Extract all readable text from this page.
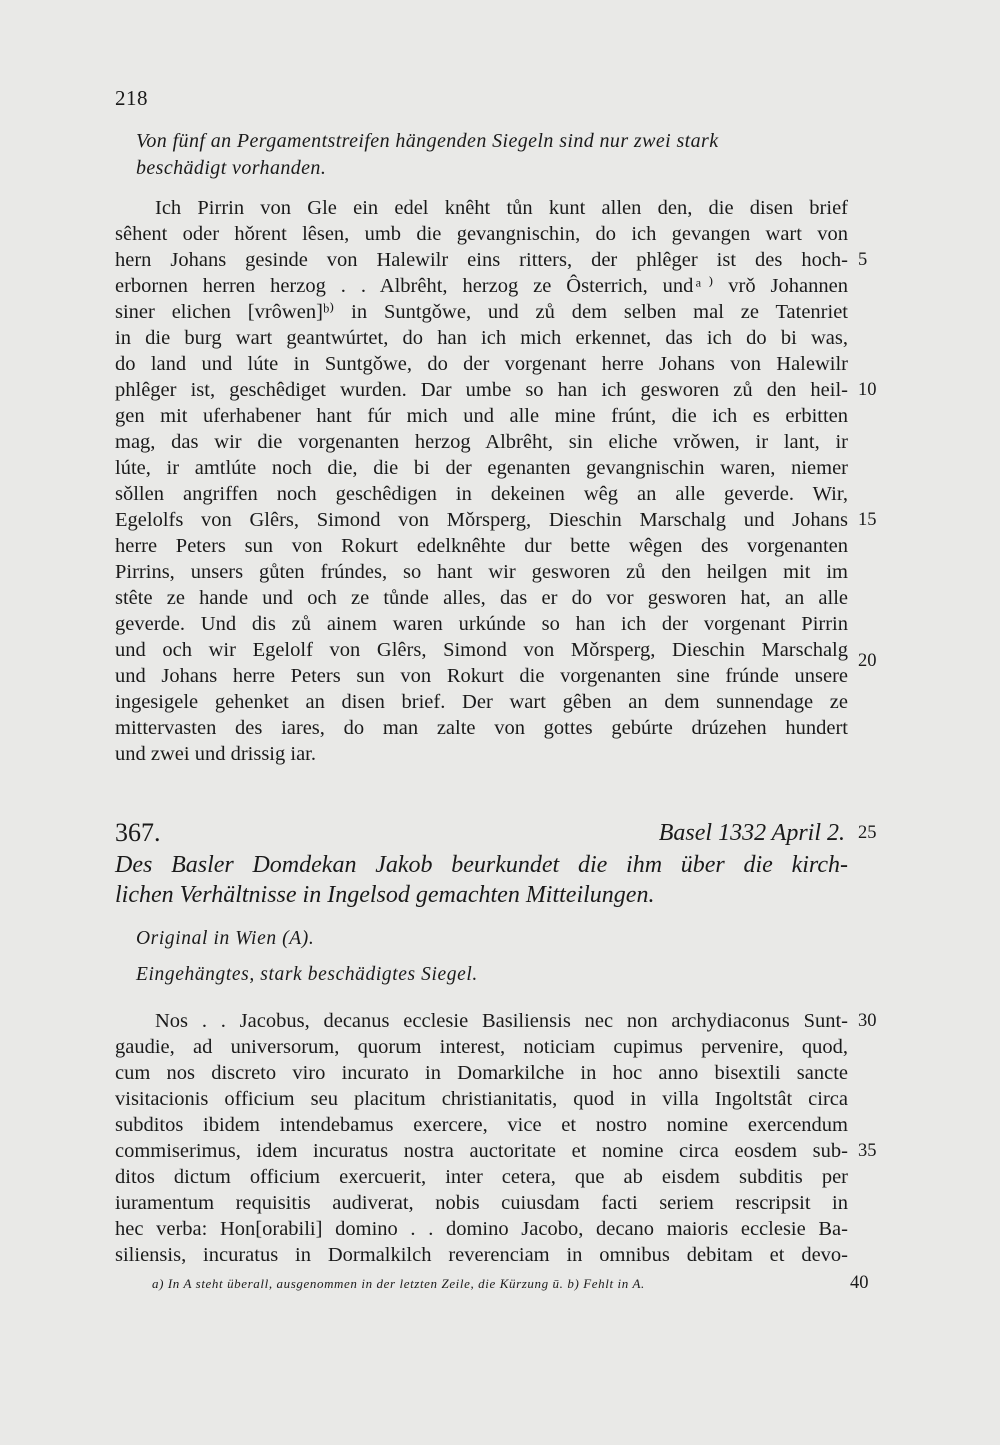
218
Von fünf an Pergamentstreifen hängenden Siegeln sind nur zwei stark
beschädigt vorhanden.
Ich Pirrin von Gle ein edel knêht tůn kunt allen den, die disen brief
sêhent oder hǒrent lêsen, umb die gevangnischin, do ich gevangen wart von
hern Johans gesinde von Halewilr eins ritters, der phlêger ist des hoch-
erbornen herren herzog . . Albrêht, herzog ze Ôsterrich, und ͣ⁾ vrǒ Johannen
siner elichen [vrôwen]ᵇ⁾ in Suntgǒwe, und zů dem selben mal ze Tatenriet
in die burg wart geantwúrtet, do han ich mich erkennet, das ich do bi was,
do land und lúte in Suntgǒwe, do der vorgenant herre Johans von Halewilr
phlêger ist, geschêdiget wurden. Dar umbe so han ich gesworen zů den heil-
gen mit uferhabener hant fúr mich und alle mine frúnt, die ich es erbitten
mag, das wir die vorgenanten herzog Albrêht, sin eliche vrǒwen, ir lant, ir
lúte, ir amtlúte noch die, die bi der egenanten gevangnischin waren, niemer
sǒllen angriffen noch geschêdigen in dekeinen wêg an alle geverde. Wir,
Egelolfs von Glêrs, Simond von Mǒrsperg, Dieschin Marschalg und Johans
herre Peters sun von Rokurt edelknêhte dur bette wêgen des vorgenanten
Pirrins, unsers gůten frúndes, so hant wir gesworen zů den heilgen mit im
stête ze hande und och ze tůnde alles, das er do vor gesworen hat, an alle
geverde. Und dis zů ainem waren urkúnde so han ich der vorgenant Pirrin
und och wir Egelolf von Glêrs, Simond von Mǒrsperg, Dieschin Marschalg
und Johans herre Peters sun von Rokurt die vorgenanten sine frúnde unsere
ingesigele gehenket an disen brief. Der wart gêben an dem sunnendage ze
mittervasten des iares, do man zalte von gottes gebúrte drúzehen hundert
und zwei und drissig iar.
367.	Basel 1332 April 2.
Des Basler Domdekan Jakob beurkundet die ihm über die kirch-
lichen Verhältnisse in Ingelsod gemachten Mitteilungen.
Original in Wien (A).
Eingehängtes, stark beschädigtes Siegel.
Nos . . Jacobus, decanus ecclesie Basiliensis nec non archydiaconus Sunt-
gaudie, ad universorum, quorum interest, noticiam cupimus pervenire, quod,
cum nos discreto viro incurato in Domarkilche in hoc anno bisextili sancte
visitacionis officium seu placitum christianitatis, quod in villa Ingoltstât circa
subditos ibidem intendebamus exercere, vice et nostro nomine exercendum
commiserimus, idem incuratus nostra auctoritate et nomine circa eosdem sub-
ditos dictum officium exercuerit, inter cetera, que ab eisdem subditis per
iuramentum requisitis audiverat, nobis cuiusdam facti seriem rescripsit in
hec verba: Hon[orabili] domino . . domino Jacobo, decano maioris ecclesie Ba-
siliensis, incuratus in Dormalkilch reverenciam in omnibus debitam et devo-
5
10
15
20
25
30
35
a) In A steht überall, ausgenommen in der letzten Zeile, die Kürzung ū. b) Fehlt in A.	40
